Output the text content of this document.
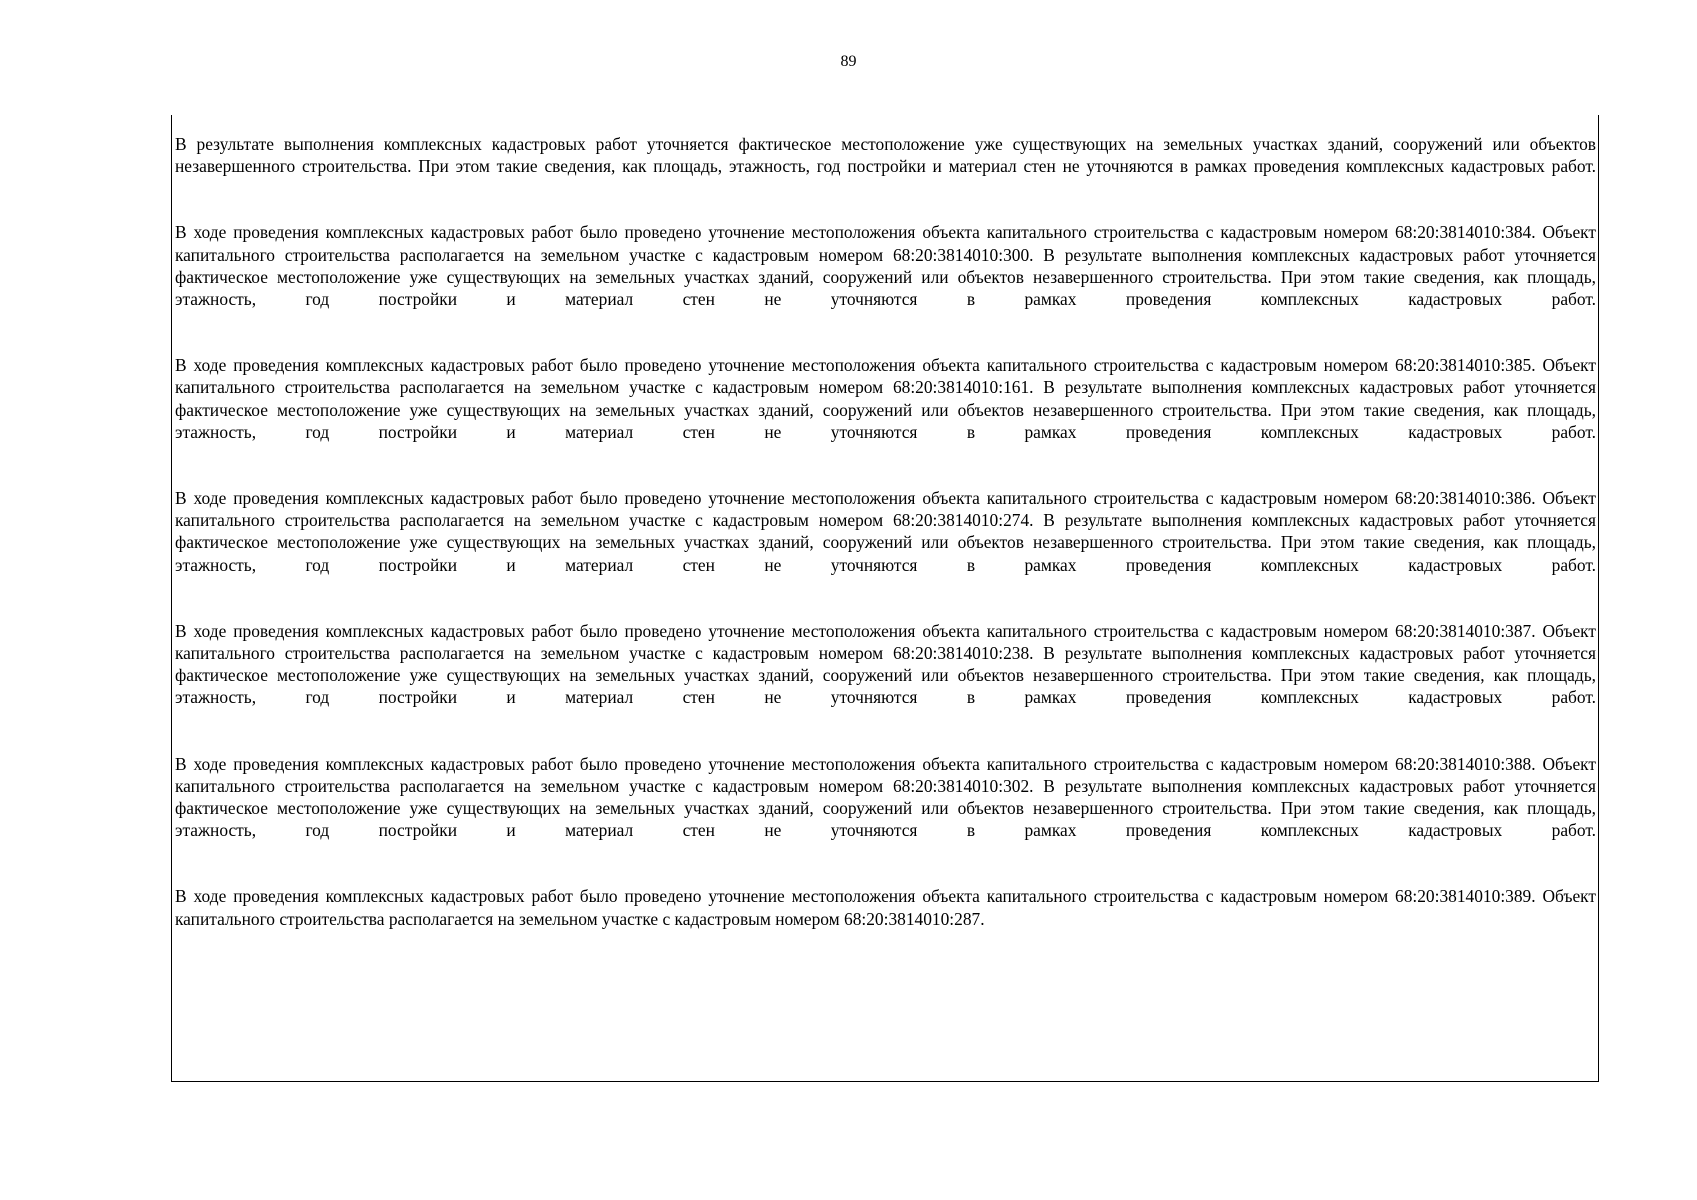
89

В результате выполнения комплексных кадастровых работ уточняется фактическое местоположение уже существующих на земельных участках зданий, сооружений или объектов незавершенного строительства. При этом такие сведения, как площадь, этажность, год постройки и материал стен не уточняются в рамках проведения комплексных кадастровых работ.

В ходе проведения комплексных кадастровых работ было проведено уточнение местоположения объекта капитального строительства с кадастровым номером 68:20:3814010:384. Объект капитального строительства располагается на земельном участке с кадастровым номером 68:20:3814010:300. В результате выполнения комплексных кадастровых работ уточняется фактическое местоположение уже существующих на земельных участках зданий, сооружений или объектов незавершенного строительства. При этом такие сведения, как площадь, этажность, год постройки и материал стен не уточняются в рамках проведения комплексных кадастровых работ.

В ходе проведения комплексных кадастровых работ было проведено уточнение местоположения объекта капитального строительства с кадастровым номером 68:20:3814010:385. Объект капитального строительства располагается на земельном участке с кадастровым номером 68:20:3814010:161. В результате выполнения комплексных кадастровых работ уточняется фактическое местоположение уже существующих на земельных участках зданий, сооружений или объектов незавершенного строительства. При этом такие сведения, как площадь, этажность, год постройки и материал стен не уточняются в рамках проведения комплексных кадастровых работ.

В ходе проведения комплексных кадастровых работ было проведено уточнение местоположения объекта капитального строительства с кадастровым номером 68:20:3814010:386. Объект капитального строительства располагается на земельном участке с кадастровым номером 68:20:3814010:274. В результате выполнения комплексных кадастровых работ уточняется фактическое местоположение уже существующих на земельных участках зданий, сооружений или объектов незавершенного строительства. При этом такие сведения, как площадь, этажность, год постройки и материал стен не уточняются в рамках проведения комплексных кадастровых работ.

В ходе проведения комплексных кадастровых работ было проведено уточнение местоположения объекта капитального строительства с кадастровым номером 68:20:3814010:387. Объект капитального строительства располагается на земельном участке с кадастровым номером 68:20:3814010:238. В результате выполнения комплексных кадастровых работ уточняется фактическое местоположение уже существующих на земельных участках зданий, сооружений или объектов незавершенного строительства. При этом такие сведения, как площадь, этажность, год постройки и материал стен не уточняются в рамках проведения комплексных кадастровых работ.

В ходе проведения комплексных кадастровых работ было проведено уточнение местоположения объекта капитального строительства с кадастровым номером 68:20:3814010:388. Объект капитального строительства располагается на земельном участке с кадастровым номером 68:20:3814010:302. В результате выполнения комплексных кадастровых работ уточняется фактическое местоположение уже существующих на земельных участках зданий, сооружений или объектов незавершенного строительства. При этом такие сведения, как площадь, этажность, год постройки и материал стен не уточняются в рамках проведения комплексных кадастровых работ.

В ходе проведения комплексных кадастровых работ было проведено уточнение местоположения объекта капитального строительства с кадастровым номером 68:20:3814010:389. Объект капитального строительства располагается на земельном участке с кадастровым номером 68:20:3814010:287.
